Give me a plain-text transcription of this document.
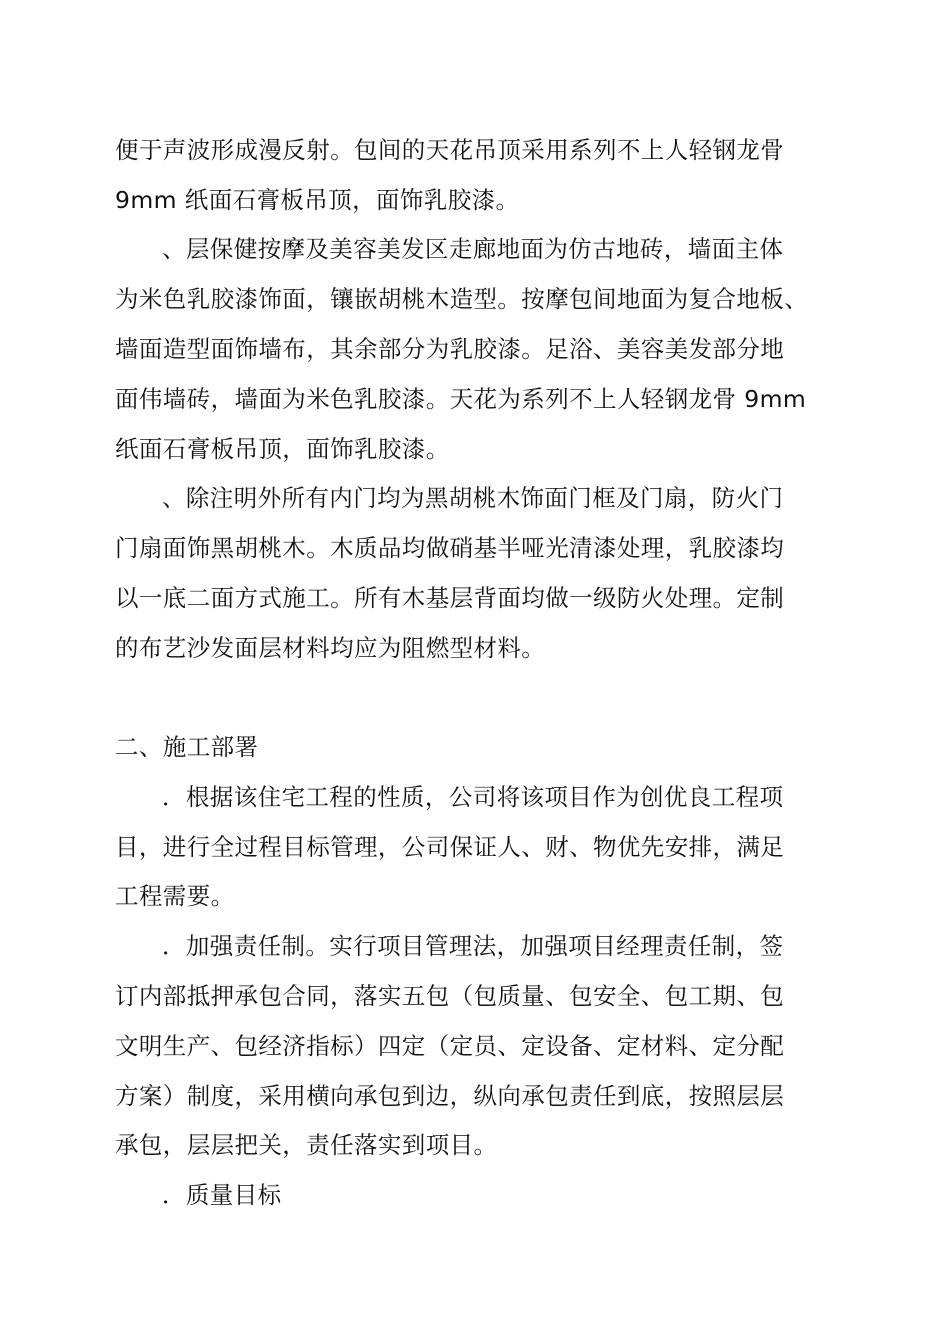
便于声波形成漫反射。包间的天花吊顶采用系列不上人轻钢龙骨
9mm 纸面石膏板吊顶，面饰乳胶漆。
、层保健按摩及美容美发区走廊地面为仿古地砖，墙面主体
为米色乳胶漆饰面，镶嵌胡桃木造型。按摩包间地面为复合地板、
墙面造型面饰墙布，其余部分为乳胶漆。足浴、美容美发部分地
面伟墙砖，墙面为米色乳胶漆。天花为系列不上人轻钢龙骨 9mm
纸面石膏板吊顶，面饰乳胶漆。
、除注明外所有内门均为黑胡桃木饰面门框及门扇，防火门
门扇面饰黑胡桃木。木质品均做硝基半哑光清漆处理，乳胶漆均
以一底二面方式施工。所有木基层背面均做一级防火处理。定制
的布艺沙发面层材料均应为阻燃型材料。
二、施工部署
．根据该住宅工程的性质，公司将该项目作为创优良工程项
目，进行全过程目标管理，公司保证人、财、物优先安排，满足
工程需要。
．加强责任制。实行项目管理法，加强项目经理责任制，签
订内部抵押承包合同，落实五包（包质量、包安全、包工期、包
文明生产、包经济指标）四定（定员、定设备、定材料、定分配
方案）制度，采用横向承包到边，纵向承包责任到底，按照层层
承包，层层把关，责任落实到项目。
．质量目标
